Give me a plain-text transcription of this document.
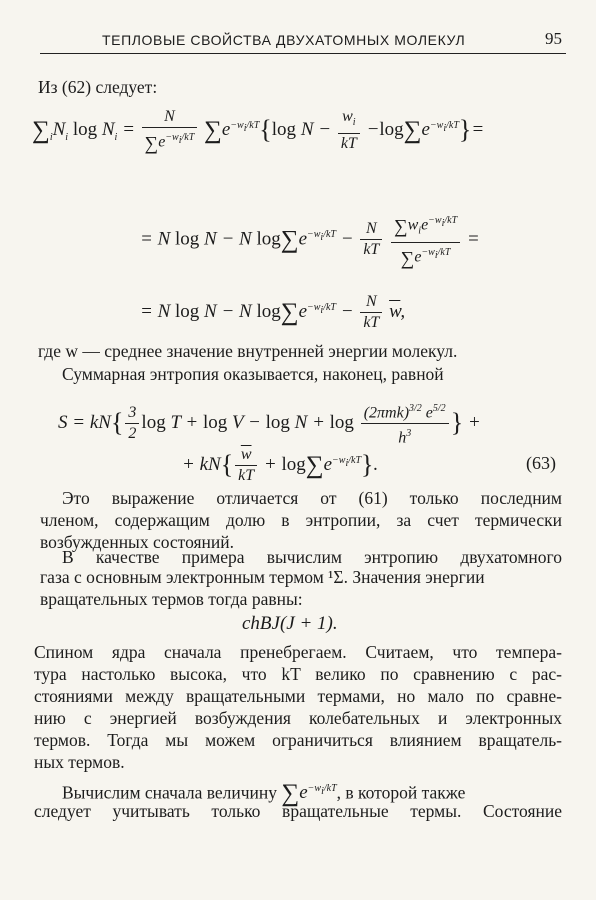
ТЕПЛОВЫЕ СВОЙСТВА ДВУХАТОМНЫХ МОЛЕКУЛ	95

Из (62) следует:

$\sum_iN_i$ $\log N_i = \frac{N}{\sum e^{-w_i/kT}} \sum e^{-w_i/kT}\{\log$ $N - \frac{w_i}{kT} -\log\sum e^{-w_i/kT}\}=$
= N log N − N $\log\sum e^{-w_i/kT} - \frac{N}{kT}$
$\frac{\sum w_ie^{-w_i/kT}}{\sum e^{-w_i/kT}}$ =
= N log N − N $\log\sum e^{-w_i/kT} - \frac{N}{kT} \overline{w}$,

где w — среднее значение внутренней энергии молекул.

Суммарная энтропия оказывается, наконец, равной

$S = kN\{ \frac{3}{2}$ $\log T + \log V - \log N + \log \frac{(2\pi mk)^{3/2} e^{5/2}}{h^3}$ } +
+ $kN\{ \frac{\overline{w}}{kT} + \log\sum e^{-w_i/kT}\}$.	(63)

Это выражение отличается от (61) только последним

членом, содержащим долю в энтропии, за счет термически

возбужденных состояний.

В качестве примера вычислим энтропию двухатомного

газа с основным электронным термом ¹Σ. Значения энергии

вращательных термов тогда равны:

chBJ(J + 1).

Спином ядра сначала пренебрегаем. Считаем, что темпера-

тура настолько высока, что kT велико по сравнению с рас-

стояниями между вращательными термами, но мало по сравне-

нию с энергией возбуждения колебательных и электронных

термов. Тогда мы можем ограничиться влиянием вращатель-

ных термов.

Вычислим сначала величину $\sum e^{-w_i/kT}$, в которой также

следует учитывать только вращательные термы. Состояние
